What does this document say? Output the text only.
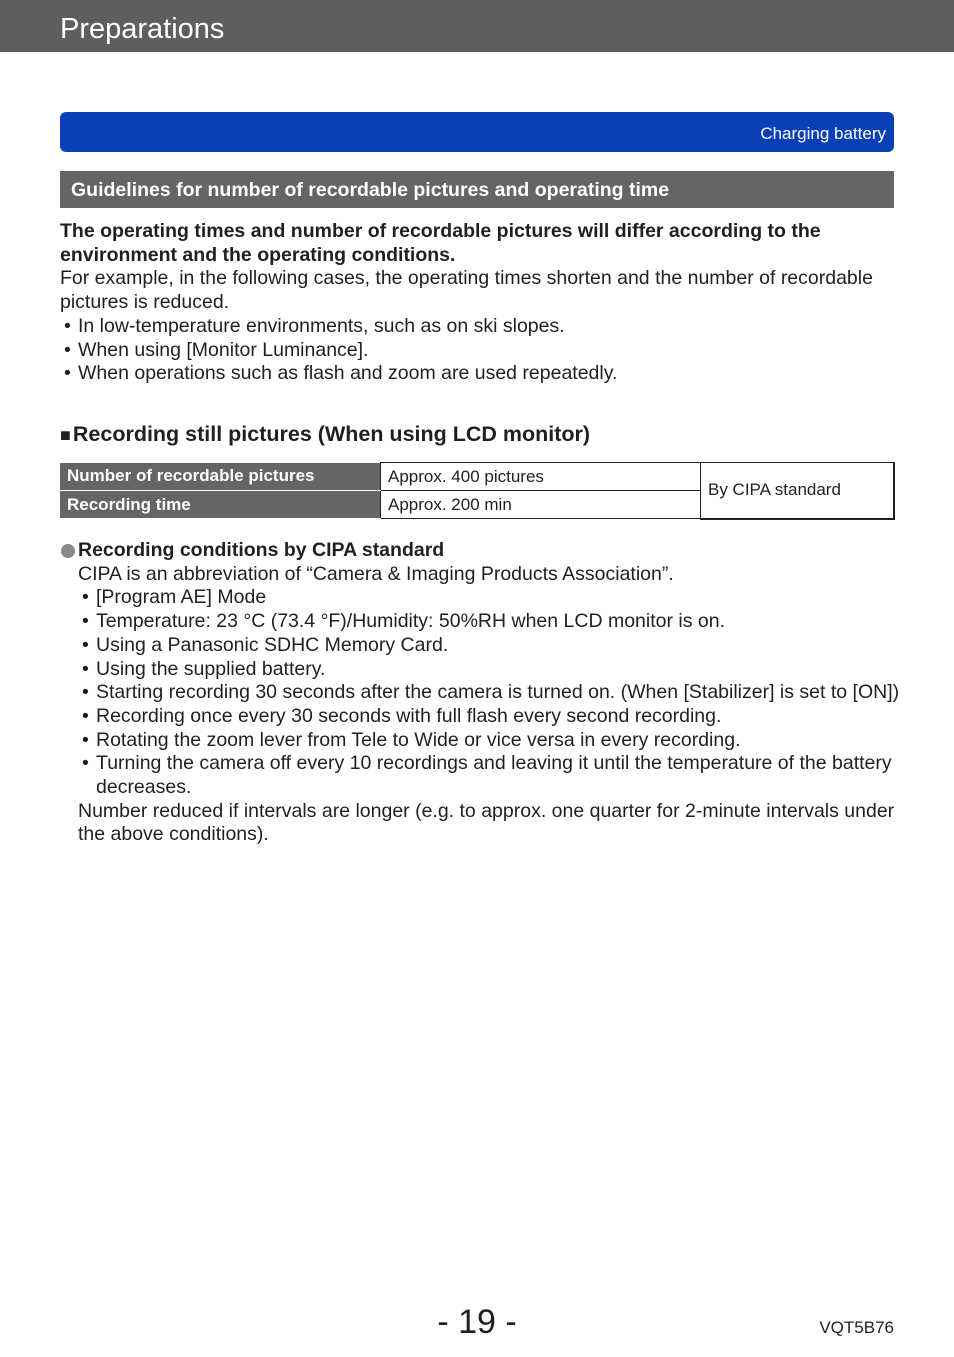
Preparations
Charging battery
Guidelines for number of recordable pictures and operating time

The operating times and number of recordable pictures will differ according to the environment and the operating conditions.

For example, in the following cases, the operating times shorten and the number of recordable pictures is reduced.

• In low-temperature environments, such as on ski slopes.
• When using [Monitor Luminance].
• When operations such as flash and zoom are used repeatedly.
■Recording still pictures (When using LCD monitor)
Number of recordable pictures	Approx. 400 pictures	By CIPA standard
Recording time	Approx. 200 min	
Recording conditions by CIPA standard

CIPA is an abbreviation of “Camera & Imaging Products Association”.

• [Program AE] Mode
• Temperature: 23 °C (73.4 °F)/Humidity: 50%RH when LCD monitor is on.
• Using a Panasonic SDHC Memory Card.
• Using the supplied battery.
• Starting recording 30 seconds after the camera is turned on. (When [Stabilizer] is set to [ON])
• Recording once every 30 seconds with full flash every second recording.
• Rotating the zoom lever from Tele to Wide or vice versa in every recording.
• Turning the camera off every 10 recordings and leaving it until the temperature of the battery decreases.

Number reduced if intervals are longer (e.g. to approx. one quarter for 2-minute intervals under the above conditions).

- 19 -	VQT5B76
